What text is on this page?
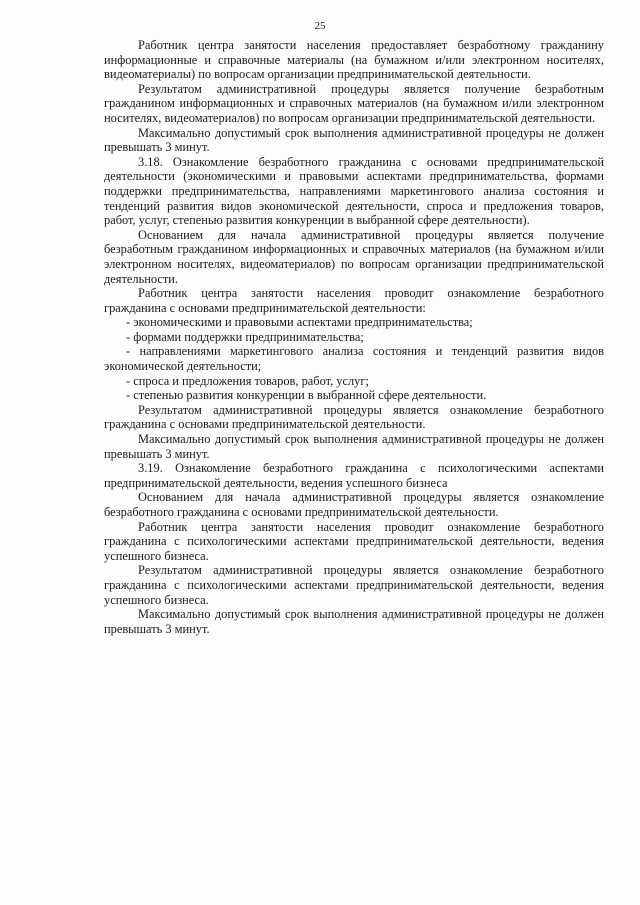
25

Работник центра занятости населения предоставляет безработному гражданину информационные и справочные материалы (на бумажном и/или электронном носителях, видеоматериалы) по вопросам организации предпринимательской деятельности.

Результатом административной процедуры является получение безработным гражданином информационных и справочных материалов (на бумажном и/или электронном носителях, видеоматериалов) по вопросам организации предпринимательской деятельности.

Максимально допустимый срок выполнения административной процедуры не должен превышать 3 минут.

3.18. Ознакомление безработного гражданина с основами предпринимательской деятельности (экономическими и правовыми аспектами предпринимательства, формами поддержки предпринимательства, направлениями маркетингового анализа состояния и тенденций развития видов экономической деятельности, спроса и предложения товаров, работ, услуг, степенью развития конкуренции в выбранной сфере деятельности).

Основанием для начала административной процедуры является получение безработным гражданином информационных и справочных материалов (на бумажном и/или электронном носителях, видеоматериалов) по вопросам организации предпринимательской деятельности.

Работник центра занятости населения проводит ознакомление безработного гражданина с основами предпринимательской деятельности:

- экономическими и правовыми аспектами предпринимательства;

- формами поддержки предпринимательства;

- направлениями маркетингового анализа состояния и тенденций развития видов экономической деятельности;

- спроса и предложения товаров, работ, услуг;

- степенью развития конкуренции в выбранной сфере деятельности.

Результатом административной процедуры является ознакомление безработного гражданина с основами предпринимательской деятельности.

Максимально допустимый срок выполнения административной процедуры не должен превышать 3 минут.

3.19. Ознакомление безработного гражданина с психологическими аспектами предпринимательской деятельности, ведения успешного бизнеса

Основанием для начала административной процедуры является ознакомление безработного гражданина с основами предпринимательской деятельности.

Работник центра занятости населения проводит ознакомление безработного гражданина с психологическими аспектами предпринимательской деятельности, ведения успешного бизнеса.

Результатом административной процедуры является ознакомление безработного гражданина с психологическими аспектами предпринимательской деятельности, ведения успешного бизнеса.

Максимально допустимый срок выполнения административной процедуры не должен превышать 3 минут.
